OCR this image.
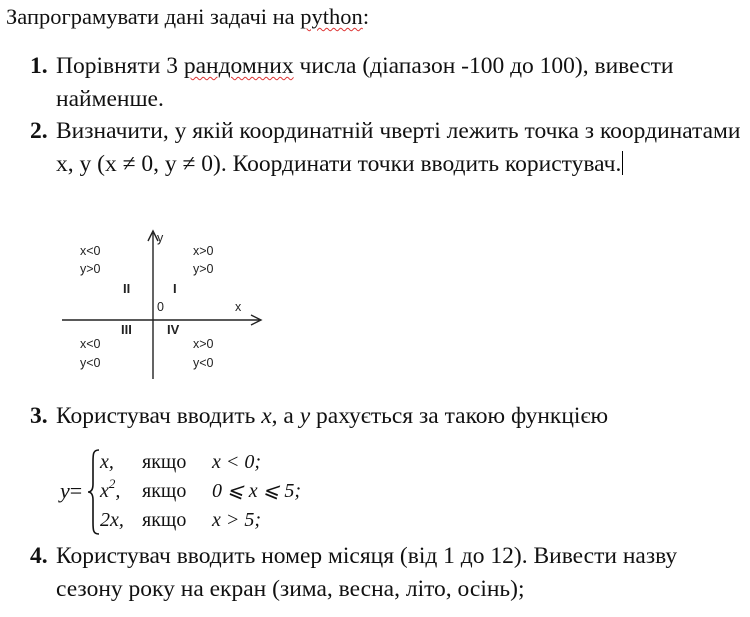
Запрограмувати дані задачі на python:
1. Порівняти 3 рандомних числа (діапазон -100 до 100), вивести найменше.
2. Визначити, у якій координатній чверті лежить точка з координатами x, y (x ≠ 0, y ≠ 0). Координати точки вводить користувач.
y
x
0
x<0
y>0
II
x>0
y>0
I
III
x<0
y<0
IV
x>0
y<0
3. Користувач вводить x, а y рахується за такою функцією
y=
x, якщо x < 0;
$x^2$, якщо 0 ⩽ x ⩽ 5;
2x, якщо x > 5;
4. Користувач вводить номер місяця (від 1 до 12). Вивести назву сезону року на екран (зима, весна, літо, осінь);
